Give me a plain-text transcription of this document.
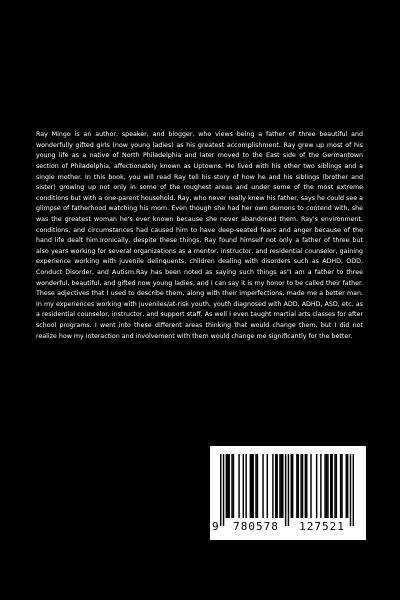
Ray Mingo is an author, speaker, and blogger, who views being a father of three beautiful and wonderfully gifted girls (now young ladies) as his greatest accomplishment. Ray grew up most of his young life as a native of North Philadelphia and later moved to the East side of the Germantown section of Philadelphia, affectionately known as Uptowns. He lived with his other two siblings and a single mother. In this book, you will read Ray tell his story of how he and his siblings (brother and sister) growing up not only in some of the roughest areas and under some of the most extreme conditions but with a one-parent household. Ray, who never really knew his father, says he could see a glimpse of fatherhood watching his mom. Even though she had her own demons to contend with, she was the greatest woman he's ever known because she never abandoned them. Ray's environment, conditions, and circumstances had caused him to have deep-seated fears and anger because of the hand life dealt him.Ironically, despite these things, Ray found himself not only a father of three but also years working for several organizations as a mentor, instructor, and residential counselor, gaining experience working with juvenile delinquents, children dealing with disorders such as ADHD, ODD, Conduct Disorder, and Autism.Ray has been noted as saying such things as"I am a father to three wonderful, beautiful, and gifted now young ladies, and I can say it is my honor to be called their father. These adjectives that I used to describe them, along with their imperfections, made me a better man. In my experiences working with juveniles/at-risk youth, youth diagnosed with ADD, ADHD, ASD, etc. as a residential counselor, instructor, and support staff. As well I even taught martial arts classes for after school programs. I went into these different areas thinking that would change them, but I did not realize how my interaction and involvement with them would change me significantly for the better.

9	780578	127521
